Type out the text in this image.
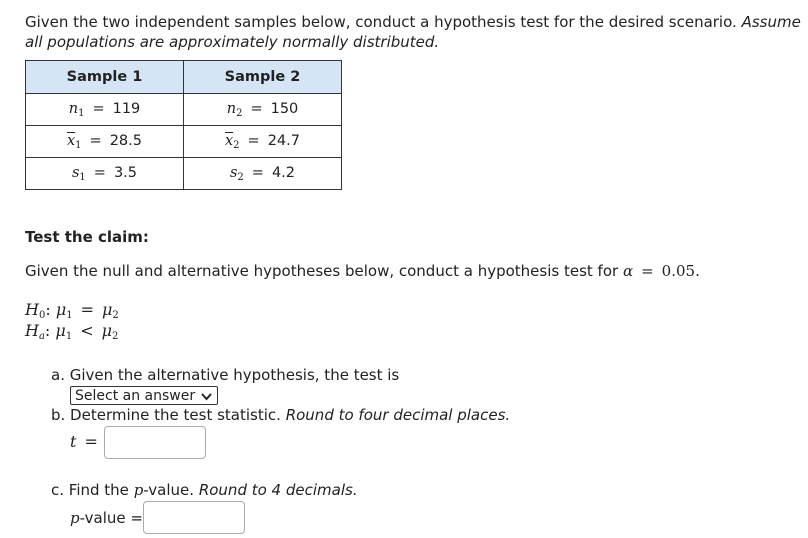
Given the two independent samples below, conduct a hypothesis test for the desired scenario. Assume all populations are approximately normally distributed.
Sample 1	Sample 2
$n_1 = 119$	$n_2 = 150$
$\overline{x}_1 = 28.5$	$\overline{x}_2 = 24.7$
$s_1 = 3.5$	$s_2 = 4.2$
Test the claim:
Given the null and alternative hypotheses below, conduct a hypothesis test for α = 0.05.
$H_0$: $\mu_1 = \mu_2$
$H_a$: $\mu_1 < \mu_2$
a. Given the alternative hypothesis, the test is
Select an answer
b. Determine the test statistic. Round to four decimal places.
t =
c. Find the p-value. Round to 4 decimals.
p-value =
